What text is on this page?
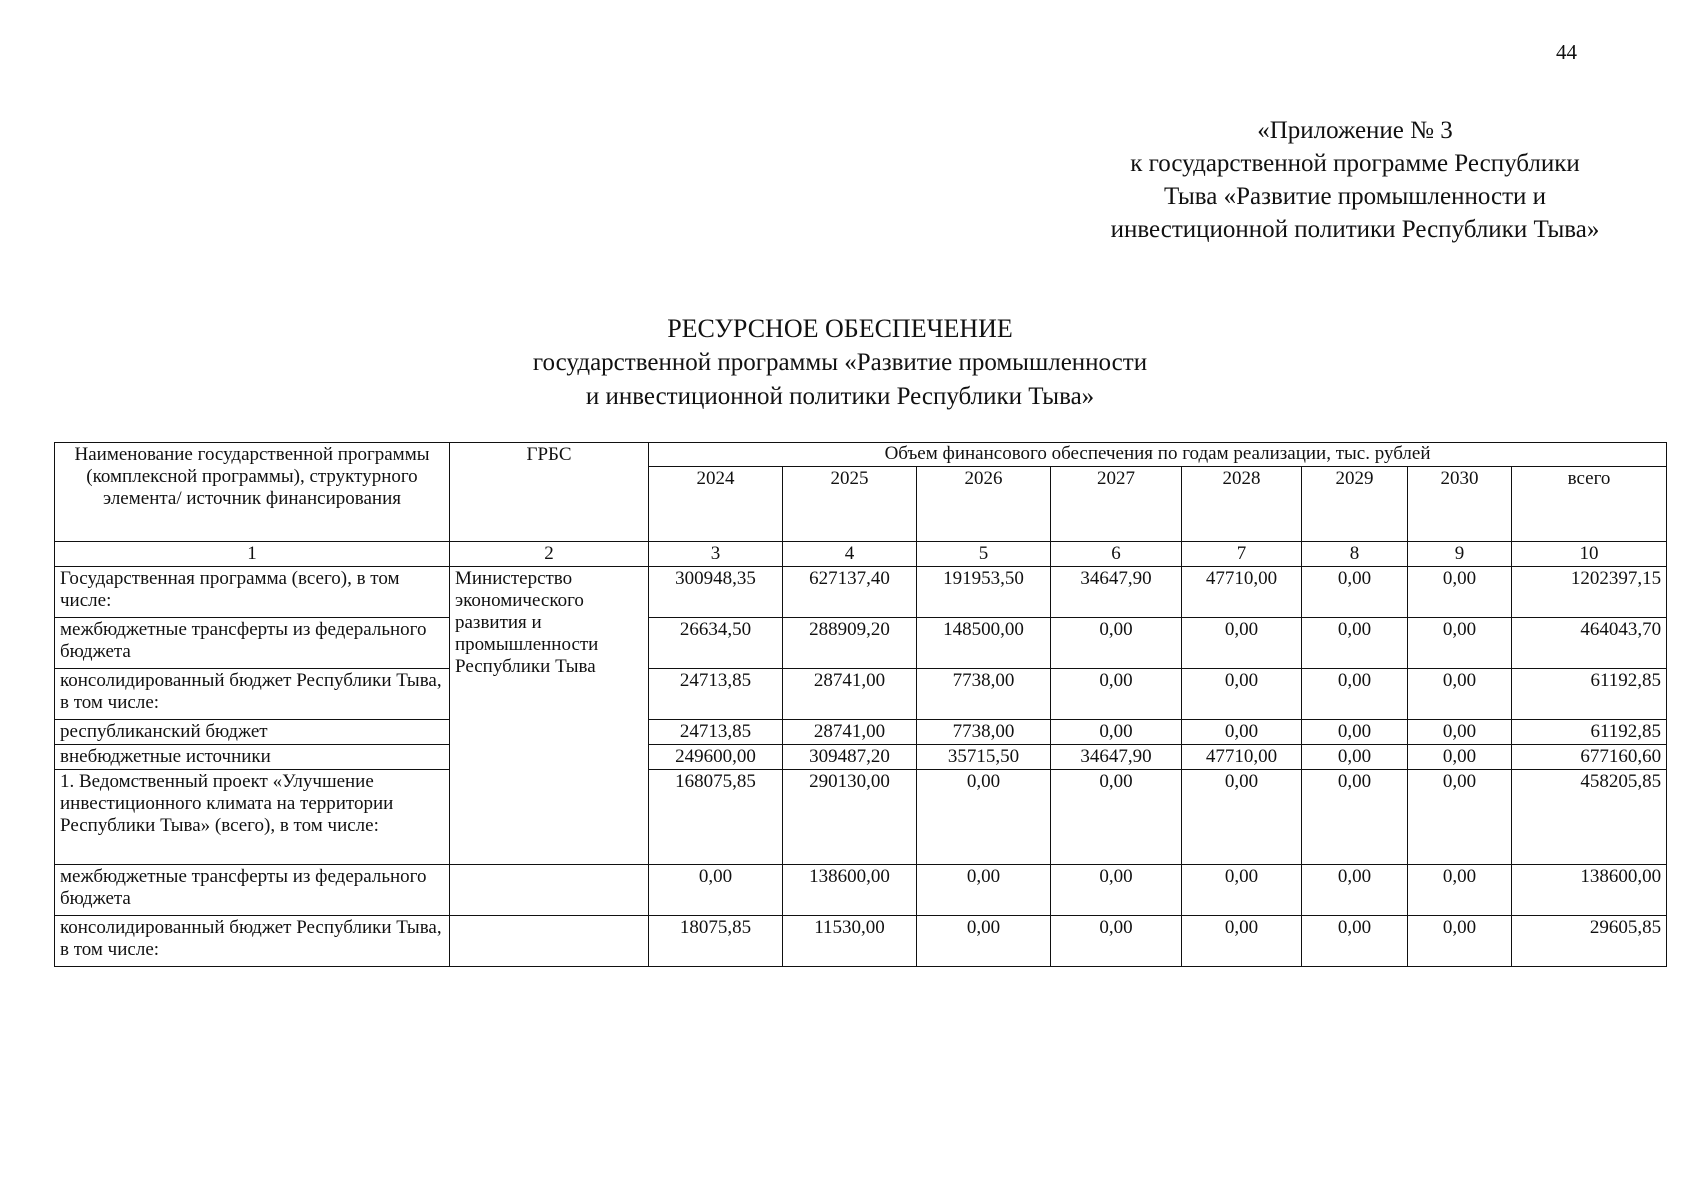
44
«Приложение № 3
к государственной программе Республики
Тыва «Развитие промышленности и
инвестиционной политики Республики Тыва»
РЕСУРСНОЕ ОБЕСПЕЧЕНИЕ
государственной программы «Развитие промышленности
и инвестиционной политики Республики Тыва»
Наименование государственной программы (комплексной программы), структурного элемента/ источник финансирования	ГРБС	Объем финансового обеспечения по годам реализации, тыс. рублей							
		2024	2025	2026	2027	2028	2029	2030	всего
1	2	3	4	5	6	7	8	9	10
Государственная программа (всего), в том числе:	Министерство экономического развития и промышленности Республики Тыва	300948,35	627137,40	191953,50	34647,90	47710,00	0,00	0,00	1202397,15
межбюджетные трансферты из федерального бюджета		26634,50	288909,20	148500,00	0,00	0,00	0,00	0,00	464043,70
консолидированный бюджет Республики Тыва, в том числе:		24713,85	28741,00	7738,00	0,00	0,00	0,00	0,00	61192,85
республиканский бюджет		24713,85	28741,00	7738,00	0,00	0,00	0,00	0,00	61192,85
внебюджетные источники		249600,00	309487,20	35715,50	34647,90	47710,00	0,00	0,00	677160,60
1. Ведомственный проект «Улучшение инвестиционного климата на территории Республики Тыва» (всего), в том числе:		168075,85	290130,00	0,00	0,00	0,00	0,00	0,00	458205,85
межбюджетные трансферты из федерального бюджета		0,00	138600,00	0,00	0,00	0,00	0,00	0,00	138600,00
консолидированный бюджет Республики Тыва, в том числе:		18075,85	11530,00	0,00	0,00	0,00	0,00	0,00	29605,85
